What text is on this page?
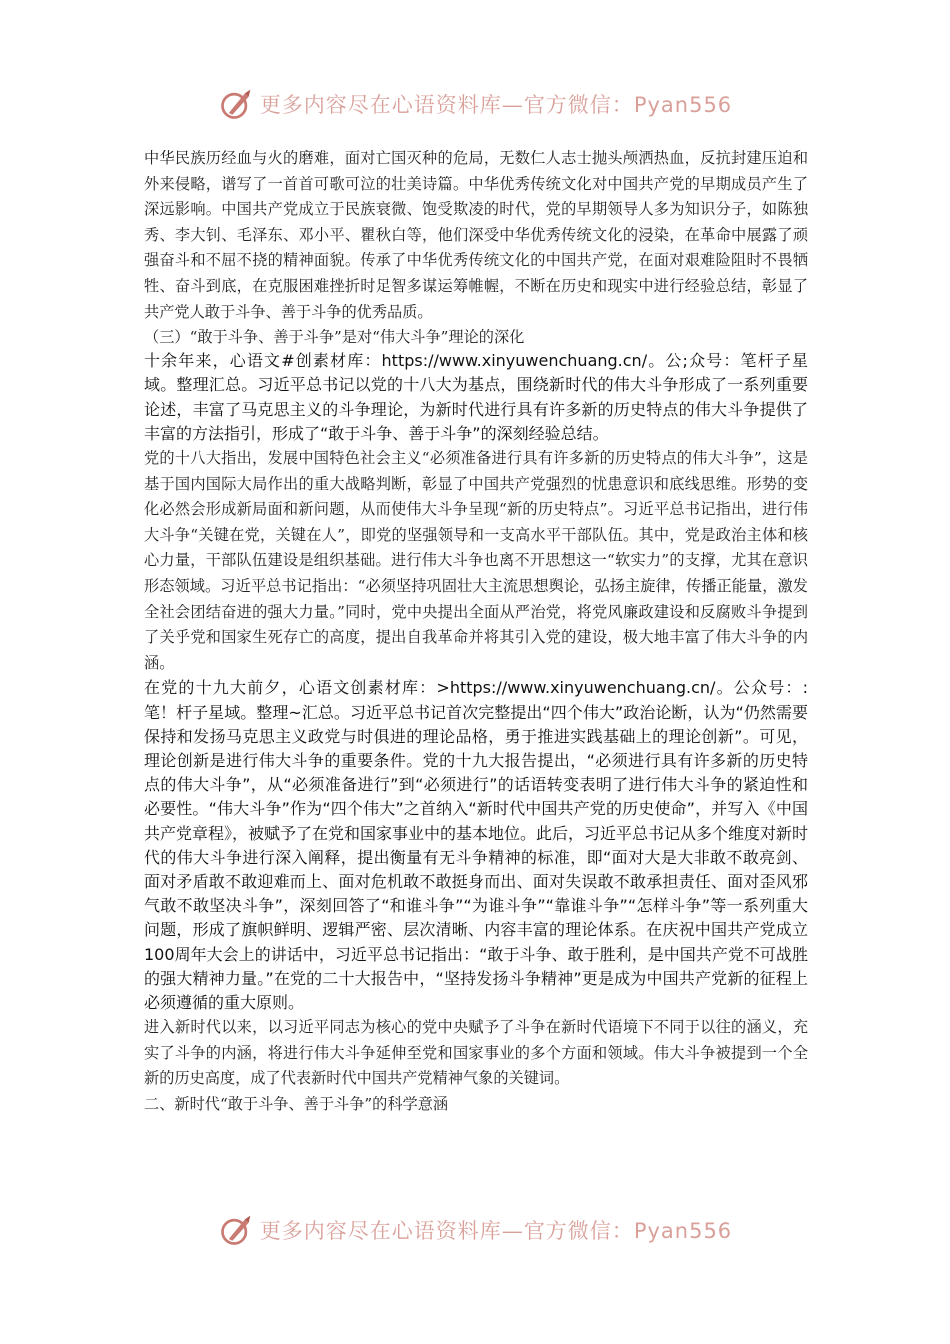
更多内容尽在心语资料库—官方微信：Pyan556

中华民族历经血与火的磨难，面对亡国灭种的危局，无数仁人志士抛头颅洒热血，反抗封建压迫和外来侵略，谱写了一首首可歌可泣的壮美诗篇。中华优秀传统文化对中国共产党的早期成员产生了深远影响。中国共产党成立于民族衰微、饱受欺凌的时代，党的早期领导人多为知识分子，如陈独秀、李大钊、毛泽东、邓小平、瞿秋白等，他们深受中华优秀传统文化的浸染，在革命中展露了顽强奋斗和不屈不挠的精神面貌。传承了中华优秀传统文化的中国共产党，在面对艰难险阻时不畏牺牲、奋斗到底，在克服困难挫折时足智多谋运筹帷幄，不断在历史和现实中进行经验总结，彰显了共产党人敢于斗争、善于斗争的优秀品质。

（三）“敢于斗争、善于斗争”是对“伟大斗争”理论的深化

十余年来，心语文#创素材库：https://www.xinyuwenchuang.cn/。公;众号：笔杆子星域。整理汇总。习近平总书记以党的十八大为基点，围绕新时代的伟大斗争形成了一系列重要论述，丰富了马克思主义的斗争理论，为新时代进行具有许多新的历史特点的伟大斗争提供了丰富的方法指引，形成了“敢于斗争、善于斗争”的深刻经验总结。

党的十八大指出，发展中国特色社会主义“必须准备进行具有许多新的历史特点的伟大斗争”，这是基于国内国际大局作出的重大战略判断，彰显了中国共产党强烈的忧患意识和底线思维。形势的变化必然会形成新局面和新问题，从而使伟大斗争呈现“新的历史特点”。习近平总书记指出，进行伟大斗争“关键在党，关键在人”，即党的坚强领导和一支高水平干部队伍。其中，党是政治主体和核心力量，干部队伍建设是组织基础。进行伟大斗争也离不开思想这一“软实力”的支撑，尤其在意识形态领域。习近平总书记指出：“必须坚持巩固壮大主流思想舆论，弘扬主旋律，传播正能量，激发全社会团结奋进的强大力量。”同时，党中央提出全面从严治党，将党风廉政建设和反腐败斗争提到了关乎党和国家生死存亡的高度，提出自我革命并将其引入党的建设，极大地丰富了伟大斗争的内涵。

在党的十九大前夕，心语文创素材库：>https://www.xinyuwenchuang.cn/。公众号：:笔！杆子星域。整理~汇总。习近平总书记首次完整提出“四个伟大”政治论断，认为“仍然需要保持和发扬马克思主义政党与时俱进的理论品格，勇于推进实践基础上的理论创新”。可见，理论创新是进行伟大斗争的重要条件。党的十九大报告提出，“必须进行具有许多新的历史特点的伟大斗争”，从“必须准备进行”到“必须进行”的话语转变表明了进行伟大斗争的紧迫性和必要性。“伟大斗争”作为“四个伟大”之首纳入“新时代中国共产党的历史使命”，并写入《中国共产党章程》，被赋予了在党和国家事业中的基本地位。此后，习近平总书记从多个维度对新时代的伟大斗争进行深入阐释，提出衡量有无斗争精神的标准，即“面对大是大非敢不敢亮剑、面对矛盾敢不敢迎难而上、面对危机敢不敢挺身而出、面对失误敢不敢承担责任、面对歪风邪气敢不敢坚决斗争”，深刻回答了“和谁斗争”“为谁斗争”“靠谁斗争”“怎样斗争”等一系列重大问题，形成了旗帜鲜明、逻辑严密、层次清晰、内容丰富的理论体系。在庆祝中国共产党成立100周年大会上的讲话中，习近平总书记指出：“敢于斗争、敢于胜利，是中国共产党不可战胜的强大精神力量。”在党的二十大报告中，“坚持发扬斗争精神”更是成为中国共产党新的征程上必须遵循的重大原则。

进入新时代以来，以习近平同志为核心的党中央赋予了斗争在新时代语境下不同于以往的涵义，充实了斗争的内涵，将进行伟大斗争延伸至党和国家事业的多个方面和领域。伟大斗争被提到一个全新的历史高度，成了代表新时代中国共产党精神气象的关键词。

二、新时代“敢于斗争、善于斗争”的科学意涵

更多内容尽在心语资料库—官方微信：Pyan556
